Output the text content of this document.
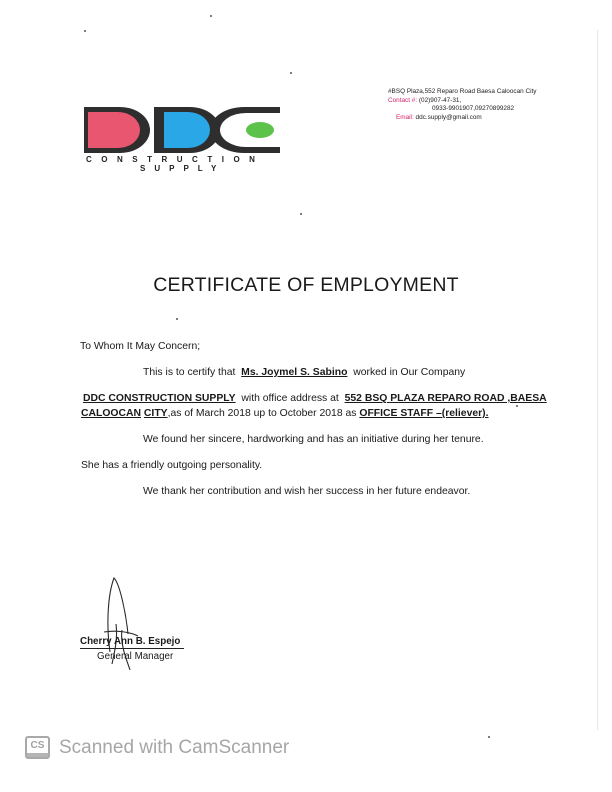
CONSTRUCTION
SUPPLY
#BSQ Plaza,552 Reparo Road Baesa Caloocan City
Contact #: (02)907-47-31,
0933-9901907,09270899282
Email: ddc.supply@gmail.com
CERTIFICATE OF EMPLOYMENT
To Whom It May Concern;
This is to certify that Ms. Joymel S. Sabino worked in Our Company
DDC CONSTRUCTION SUPPLY with office address at 552 BSQ PLAZA REPARO ROAD ,BAESA
CALOOCAN CITY,as of March 2018 up to October 2018 as OFFICE STAFF –(reliever).
We found her sincere, hardworking and has an initiative during her tenure.
She has a friendly outgoing personality.
We thank her contribution and wish her success in her future endeavor.
Cherry Ann B. Espejo
General Manager
CS Scanned with CamScanner
